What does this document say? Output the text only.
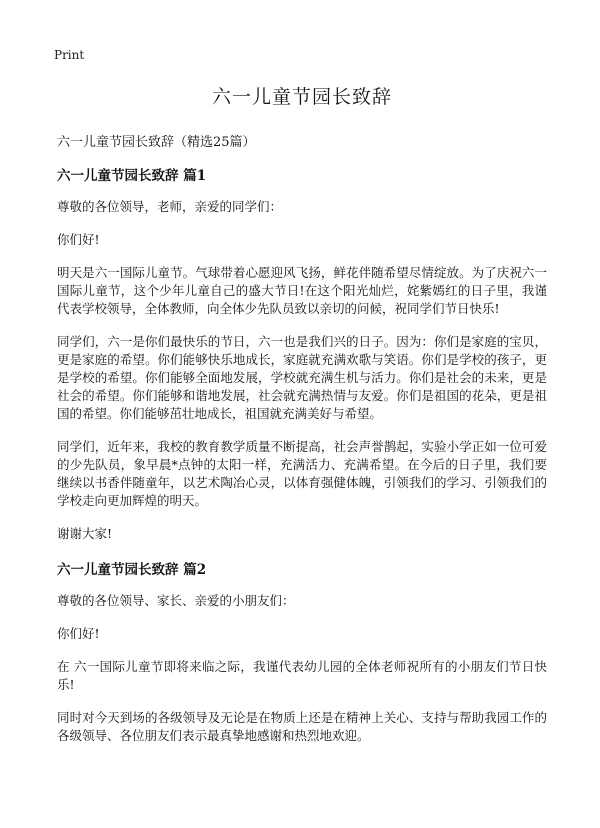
Print
六一儿童节园长致辞

六一儿童节园长致辞（精选25篇）

六一儿童节园长致辞 篇1

尊敬的各位领导，老师，亲爱的同学们：

你们好!

明天是六一国际儿童节。气球带着心愿迎风飞扬，鲜花伴随希望尽情绽放。为了庆祝六一国际儿童节，这个少年儿童自己的盛大节日!在这个阳光灿烂，姹紫嫣红的日子里，我谨代表学校领导，全体教师，向全体少先队员致以亲切的问候，祝同学们节日快乐!

同学们，六一是你们最快乐的节日，六一也是我们兴的日子。因为：你们是家庭的宝贝，更是家庭的希望。你们能够快乐地成长，家庭就充满欢歌与笑语。你们是学校的孩子，更是学校的希望。你们能够全面地发展，学校就充满生机与活力。你们是社会的未来，更是社会的希望。你们能够和谐地发展，社会就充满热情与友爱。你们是祖国的花朵，更是祖国的希望。你们能够茁壮地成长，祖国就充满美好与希望。

同学们，近年来，我校的教育教学质量不断提高，社会声誉鹊起，实验小学正如一位可爱的少先队员，象早晨*点钟的太阳一样，充满活力、充满希望。在今后的日子里，我们要继续以书香伴随童年，以艺术陶冶心灵，以体育强健体魄，引领我们的学习、引领我们的学校走向更加辉煌的明天。

谢谢大家!

六一儿童节园长致辞 篇2

尊敬的各位领导、家长、亲爱的小朋友们：

你们好!

在 六一国际儿童节即将来临之际，我谨代表幼儿园的全体老师祝所有的小朋友们节日快乐!

同时对今天到场的各级领导及无论是在物质上还是在精神上关心、支持与帮助我园工作的各级领导、各位朋友们表示最真挚地感谢和热烈地欢迎。
